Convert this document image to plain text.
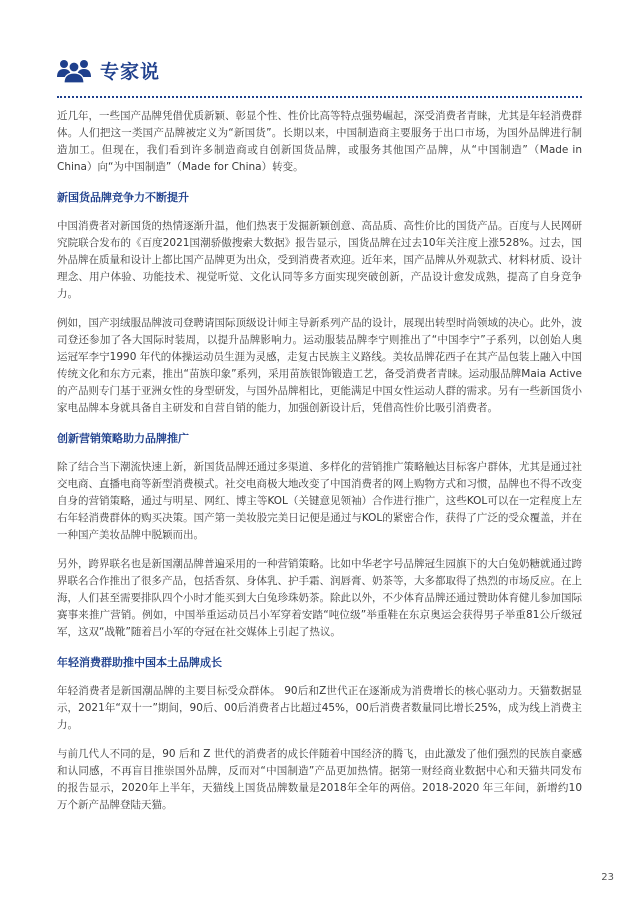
专家说

近几年，一些国产品牌凭借优质新颖、彰显个性、性价比高等特点强势崛起，深受消费者青睐，尤其是年轻消费群体。人们把这一类国产品牌被定义为“新国货”。长期以来，中国制造商主要服务于出口市场，为国外品牌进行制造加工。但现在，我们看到许多制造商或自创新国货品牌，或服务其他国产品牌，从“中国制造”（Made in China）向“为中国制造”（Made for China）转变。

新国货品牌竞争力不断提升

中国消费者对新国货的热情逐渐升温，他们热衷于发掘新颖创意、高品质、高性价比的国货产品。百度与人民网研究院联合发布的《百度2021国潮骄傲搜索大数据》报告显示，国货品牌在过去10年关注度上涨528%。过去，国外品牌在质量和设计上都比国产品牌更为出众，受到消费者欢迎。近年来，国产品牌从外观款式、材料材质、设计理念、用户体验、功能技术、视觉听觉、文化认同等多方面实现突破创新，产品设计愈发成熟，提高了自身竞争力。

例如，国产羽绒服品牌波司登聘请国际顶级设计师主导新系列产品的设计，展现出转型时尚领域的决心。此外，波司登还参加了各大国际时装周，以提升品牌影响力。运动服装品牌李宁则推出了“中国李宁”子系列，以创始人奥运冠军李宁1990 年代的体操运动员生涯为灵感，走复古民族主义路线。美妆品牌花西子在其产品包装上融入中国传统文化和东方元素，推出“苗族印象”系列，采用苗族银饰锻造工艺，备受消费者青睐。运动服品牌Maia Active 的产品则专门基于亚洲女性的身型研发，与国外品牌相比，更能满足中国女性运动人群的需求。另有一些新国货小家电品牌本身就具备自主研发和自营自销的能力，加强创新设计后，凭借高性价比吸引消费者。

创新营销策略助力品牌推广

除了结合当下潮流快速上新，新国货品牌还通过多渠道、多样化的营销推广策略触达目标客户群体，尤其是通过社交电商、直播电商等新型消费模式。社交电商极大地改变了中国消费者的网上购物方式和习惯，品牌也不得不改变自身的营销策略，通过与明星、网红、博主等KOL（关键意见领袖）合作进行推广，这些KOL可以在一定程度上左右年轻消费群体的购买决策。国产第一美妆股完美日记便是通过与KOL的紧密合作，获得了广泛的受众覆盖，并在一种国产美妆品牌中脱颖而出。

另外，跨界联名也是新国潮品牌普遍采用的一种营销策略。比如中华老字号品牌冠生园旗下的大白兔奶糖就通过跨界联名合作推出了很多产品，包括香氛、身体乳、护手霜、润唇膏、奶茶等，大多都取得了热烈的市场反应。在上海，人们甚至需要排队四个小时才能买到大白兔珍珠奶茶。除此以外，不少体育品牌还通过赞助体育健儿参加国际赛事来推广营销。例如，中国举重运动员吕小军穿着安踏“吨位级”举重鞋在东京奥运会获得男子举重81公斤级冠军，这双“战靴”随着吕小军的夺冠在社交媒体上引起了热议。

年轻消费群助推中国本土品牌成长

年轻消费者是新国潮品牌的主要目标受众群体。 90后和Z世代正在逐渐成为消费增长的核心驱动力。天猫数据显示，2021年“双十一”期间，90后、00后消费者占比超过45%，00后消费者数量同比增长25%，成为线上消费主力。

与前几代人不同的是，90 后和 Z 世代的消费者的成长伴随着中国经济的腾飞，由此激发了他们强烈的民族自豪感和认同感，不再盲目推崇国外品牌，反而对“中国制造”产品更加热情。据第一财经商业数据中心和天猫共同发布的报告显示，2020年上半年，天猫线上国货品牌数量是2018年全年的两倍。2018-2020 年三年间，新增约10万个新产品牌登陆天猫。

23
